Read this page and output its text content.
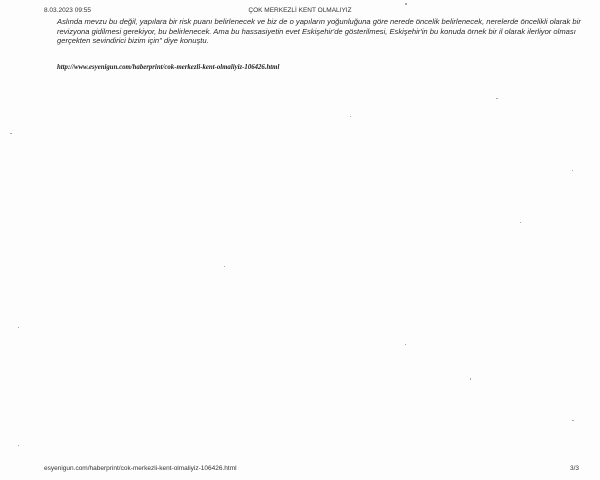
8.03.2023 09:55	ÇOK MERKEZLİ KENT OLMALIYIZ

Aslında mevzu bu değil, yapılara bir risk puanı belirlenecek ve biz de o yapıların yoğunluğuna göre nerede öncelik belirlenecek, nerelerde öncelikli olarak bir revizyona gidilmesi gerekiyor, bu belirlenecek. Ama bu hassasiyetin evet Eskişehir'de gösterilmesi, Eskişehir'in bu konuda örnek bir il olarak ilerliyor olması gerçekten sevindirici bizim için" diye konuştu.

http://www.esyenigun.com/haberprint/cok-merkezli-kent-olmaliyiz-106426.html
esyenigun.com/haberprint/cok-merkezli-kent-olmaliyiz-106426.html	3/3
